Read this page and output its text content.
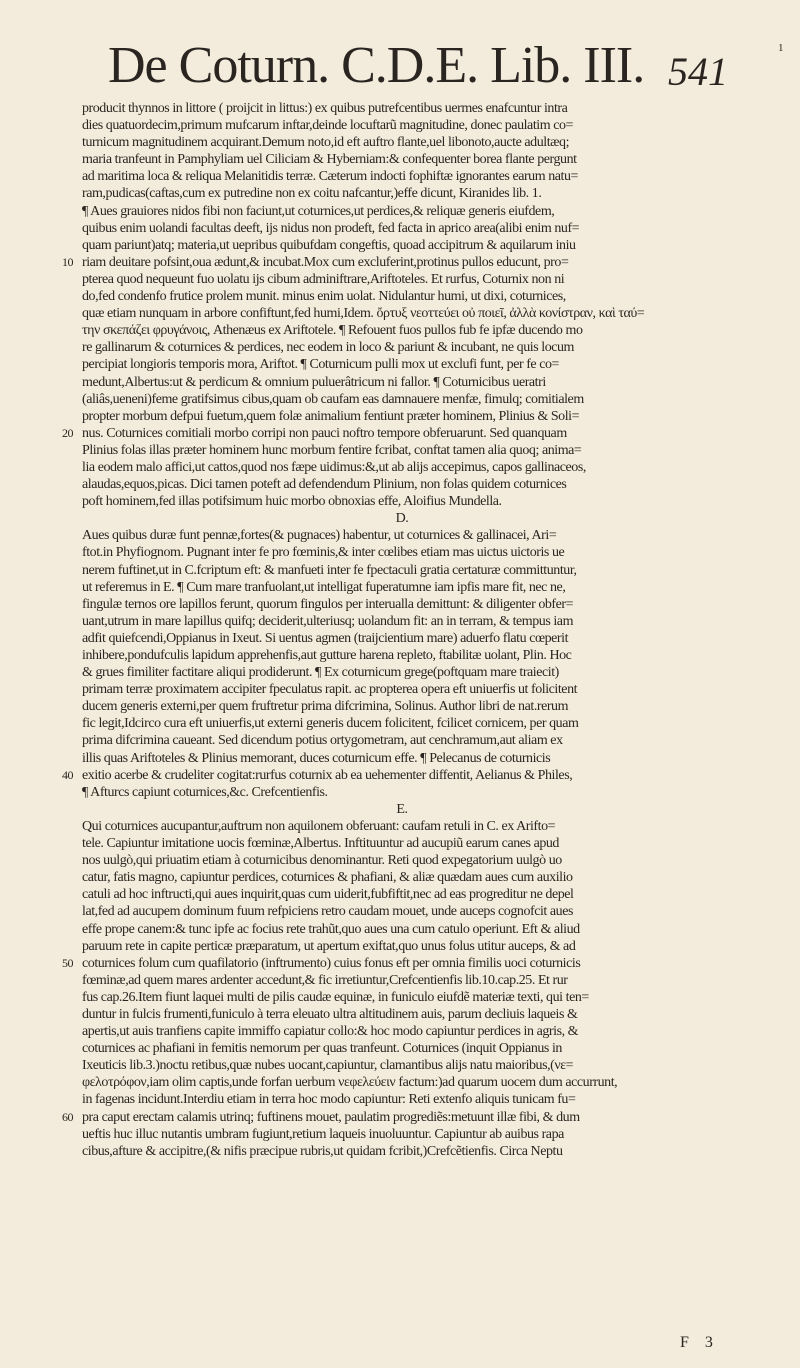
De Coturn. C.D.E. Lib. III. 541
1
producit thynnos in littore ( proijcit in littus:) ex quibus putrefcentibus uermes enafcuntur intra
dies quatuordecim,primum mufcarum inftar,deinde locuftarũ magnitudine, donec paulatim co=
turnicum magnitudinem acquirant.Demum noto,id eft auftro flante,uel libonoto,aucte adultæq;
maria tranfeunt in Pamphyliam uel Ciliciam & Hyberniam:& confequenter borea flante pergunt
ad maritima loca & reliqua Melanitidis terræ. Cæterum indocti fophiftæ ignorantes earum natu=
ram,pudicas(caftas,cum ex putredine non ex coitu nafcantur,)effe dicunt, Kiranides lib. 1.
¶ Aues grauiores nidos fibi non faciunt,ut coturnices,ut perdices,& reliquæ generis eiufdem,
quibus enim uolandi facultas deeft, ijs nidus non prodeft, fed facta in aprico area(alibi enim nuf=
quam pariunt)atq; materia,ut uepribus quibufdam congeftis, quoad accipitrum & aquilarum iniu
riam deuitare pofsint,oua ædunt,& incubat.Mox cum excluferint,protinus pullos educunt, pro=
10
pterea quod nequeunt fuo uolatu ijs cibum adminiftrare,Ariftoteles. Et rurfus, Coturnix non ni
do,fed condenfo frutice prolem munit. minus enim uolat. Nidulantur humi, ut dixi, coturnices,
quæ etiam nunquam in arbore confiftunt,fed humi,Idem. ὄρτυξ νεοττεύει οὐ ποιεῖ, ἀλλὰ κονίστραν, καὶ ταύ=
την σκεπάζει φρυγάνοις, Athenæus ex Ariftotele. ¶ Refouent fuos pullos fub fe ipfæ ducendo mo
re gallinarum & coturnices & perdices, nec eodem in loco & pariunt & incubant, ne quis locum
percipiat longioris temporis mora, Ariftot. ¶ Coturnicum pulli mox ut exclufi funt, per fe co=
medunt,Albertus:ut & perdicum & omnium puluerâtricum ni fallor. ¶ Coturnicibus ueratri
(aliâs,ueneni)feme gratifsimus cibus,quam ob caufam eas damnauere menfæ, fimulq; comitialem
propter morbum defpui fuetum,quem folæ animalium fentiunt præter hominem, Plinius & Soli=
nus. Coturnices comitiali morbo corripi non pauci noftro tempore obferuarunt. Sed quanquam
20
Plinius folas illas præter hominem hunc morbum fentire fcribat, conftat tamen alia quoq; anima=
lia eodem malo affici,ut cattos,quod nos fæpe uidimus:&,ut ab alijs accepimus, capos gallinaceos,
alaudas,equos,picas. Dici tamen poteft ad defendendum Plinium, non folas quidem coturnices
poft hominem,fed illas potifsimum huic morbo obnoxias effe, Aloifius Mundella.
D.
Aues quibus duræ funt pennæ,fortes(& pugnaces) habentur, ut coturnices & gallinacei, Ari=
ftot.in Phyfiognom. Pugnant inter fe pro fœminis,& inter cœlibes etiam mas uictus uictoris ue
nerem fuftinet,ut in C.fcriptum eft: & manfueti inter fe fpectaculi gratia certaturæ committuntur,
ut referemus in E. ¶ Cum mare tranfuolant,ut intelligat fuperatumne iam ipfis mare fit, nec ne,
fingulæ ternos ore lapillos ferunt, quorum fingulos per interualla demittunt: & diligenter obfer=
uant,utrum in mare lapillus quifq; deciderit,ulteriusq; uolandum fit: an in terram, & tempus iam
adfit quiefcendi,Oppianus in Ixeut. Si uentus agmen (traijcientium mare) aduerfo flatu cœperit
inhibere,pondufculis lapidum apprehenfis,aut gutture harena repleto, ftabilitæ uolant, Plin. Hoc
& grues fimiliter factitare aliqui prodiderunt. ¶ Ex coturnicum grege(poftquam mare traiecit)
primam terræ proximatem accipiter fpeculatus rapit. ac propterea opera eft uniuerfis ut folicitent
ducem generis externi,per quem fruftretur prima difcrimina, Solinus. Author libri de nat.rerum
fic legit,Idcirco cura eft uniuerfis,ut externi generis ducem folicitent, fcilicet cornicem, per quam
prima difcrimina caueant. Sed dicendum potius ortygometram, aut cenchramum,aut aliam ex
illis quas Ariftoteles & Plinius memorant, duces coturnicum effe. ¶ Pelecanus de coturnicis
exitio acerbe & crudeliter cogitat:rurfus coturnix ab ea uehementer diffentit, Aelianus & Philes,
40
¶ Afturcs capiunt coturnices,&c. Crefcentienfis.
E.
Qui coturnices aucupantur,auftrum non aquilonem obferuant: caufam retuli in C. ex Arifto=
tele. Capiuntur imitatione uocis fœminæ,Albertus. Inftituuntur ad aucupiũ earum canes apud
nos uulgò,qui priuatim etiam à coturnicibus denominantur. Reti quod expegatorium uulgò uo
catur, fatis magno, capiuntur perdices, coturnices & phafiani, & aliæ quædam aues cum auxilio
catuli ad hoc inftructi,qui aues inquirit,quas cum uiderit,fubfiftit,nec ad eas progreditur ne depel
lat,fed ad aucupem dominum fuum refpiciens retro caudam mouet, unde auceps cognofcit aues
effe prope canem:& tunc ipfe ac focius rete trahũt,quo aues una cum catulo operiunt. Eft & aliud
paruum rete in capite perticæ præparatum, ut apertum exiftat,quo unus folus utitur auceps, & ad
coturnices folum cum quafilatorio (inftrumento) cuius fonus eft per omnia fimilis uoci coturnicis
50
fœminæ,ad quem mares ardenter accedunt,& fic irretiuntur,Crefcentienfis lib.10.cap.25. Et rur
fus cap.26.Item fiunt laquei multi de pilis caudæ equinæ, in funiculo eiufdẽ materiæ texti, qui ten=
duntur in fulcis frumenti,funiculo à terra eleuato ultra altitudinem auis, parum decliuis laqueis &
apertis,ut auis tranfiens capite immiffo capiatur collo:& hoc modo capiuntur perdices in agris, &
coturnices ac phafiani in femitis nemorum per quas tranfeunt. Coturnices (inquit Oppianus in
Ixeuticis lib.3.)noctu retibus,quæ nubes uocant,capiuntur, clamantibus alijs natu maioribus,(νε=
φελοτρόφον,iam olim captis,unde forfan uerbum νεφελεύειν factum:)ad quarum uocem dum accurrunt,
in fagenas incidunt.Interdiu etiam in terra hoc modo capiuntur: Reti extenfo aliquis tunicam fu=
pra caput erectam calamis utrinq; fuftinens mouet, paulatim progrediẽs:metuunt illæ fibi, & dum
60
ueftis huc illuc nutantis umbram fugiunt,retium laqueis inuoluuntur. Capiuntur ab auibus rapa
cibus,afture & accipitre,(& nifis præcipue rubris,ut quidam fcribit,)Crefcẽtienfis. Circa Neptu
F 3
